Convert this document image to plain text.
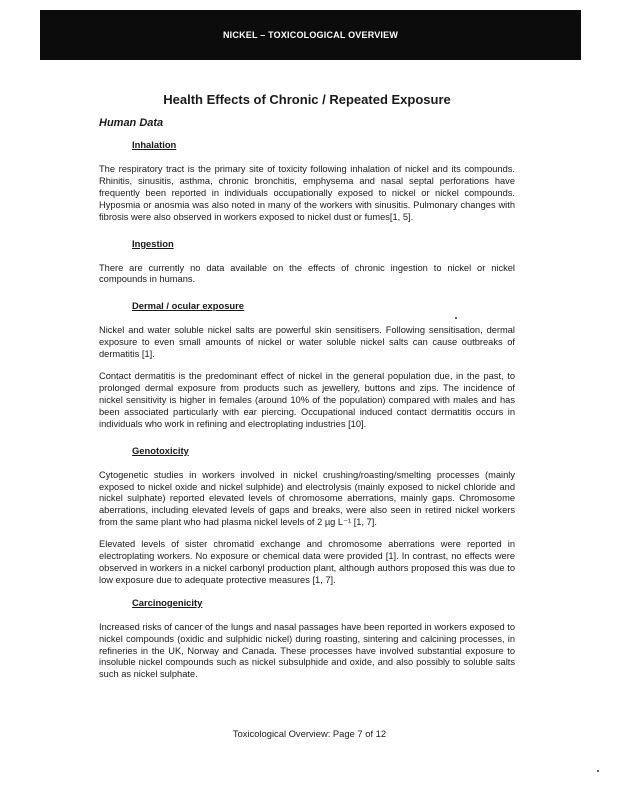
NICKEL – TOXICOLOGICAL OVERVIEW
Health Effects of Chronic / Repeated Exposure
Human Data
Inhalation

The respiratory tract is the primary site of toxicity following inhalation of nickel and its compounds. Rhinitis, sinusitis, asthma, chronic bronchitis, emphysema and nasal septal perforations have frequently been reported in individuals occupationally exposed to nickel or nickel compounds. Hyposmia or anosmia was also noted in many of the workers with sinusitis. Pulmonary changes with fibrosis were also observed in workers exposed to nickel dust or fumes[1, 5].

Ingestion

There are currently no data available on the effects of chronic ingestion to nickel or nickel compounds in humans.

Dermal / ocular exposure

Nickel and water soluble nickel salts are powerful skin sensitisers. Following sensitisation, dermal exposure to even small amounts of nickel or water soluble nickel salts can cause outbreaks of dermatitis [1].

Contact dermatitis is the predominant effect of nickel in the general population due, in the past, to prolonged dermal exposure from products such as jewellery, buttons and zips. The incidence of nickel sensitivity is higher in females (around 10% of the population) compared with males and has been associated particularly with ear piercing. Occupational induced contact dermatitis occurs in individuals who work in refining and electroplating industries [10].

Genotoxicity

Cytogenetic studies in workers involved in nickel crushing/roasting/smelting processes (mainly exposed to nickel oxide and nickel sulphide) and electrolysis (mainly exposed to nickel chloride and nickel sulphate) reported elevated levels of chromosome aberrations, mainly gaps. Chromosome aberrations, including elevated levels of gaps and breaks, were also seen in retired nickel workers from the same plant who had plasma nickel levels of 2 µg L⁻¹ [1, 7].

Elevated levels of sister chromatid exchange and chromosome aberrations were reported in electroplating workers. No exposure or chemical data were provided [1]. In contrast, no effects were observed in workers in a nickel carbonyl production plant, although authors proposed this was due to low exposure due to adequate protective measures [1, 7].

Carcinogenicity

Increased risks of cancer of the lungs and nasal passages have been reported in workers exposed to nickel compounds (oxidic and sulphidic nickel) during roasting, sintering and calcining processes, in refineries in the UK, Norway and Canada. These processes have involved substantial exposure to insoluble nickel compounds such as nickel subsulphide and oxide, and also possibly to soluble salts such as nickel sulphate.

Toxicological Overview: Page 7 of 12
